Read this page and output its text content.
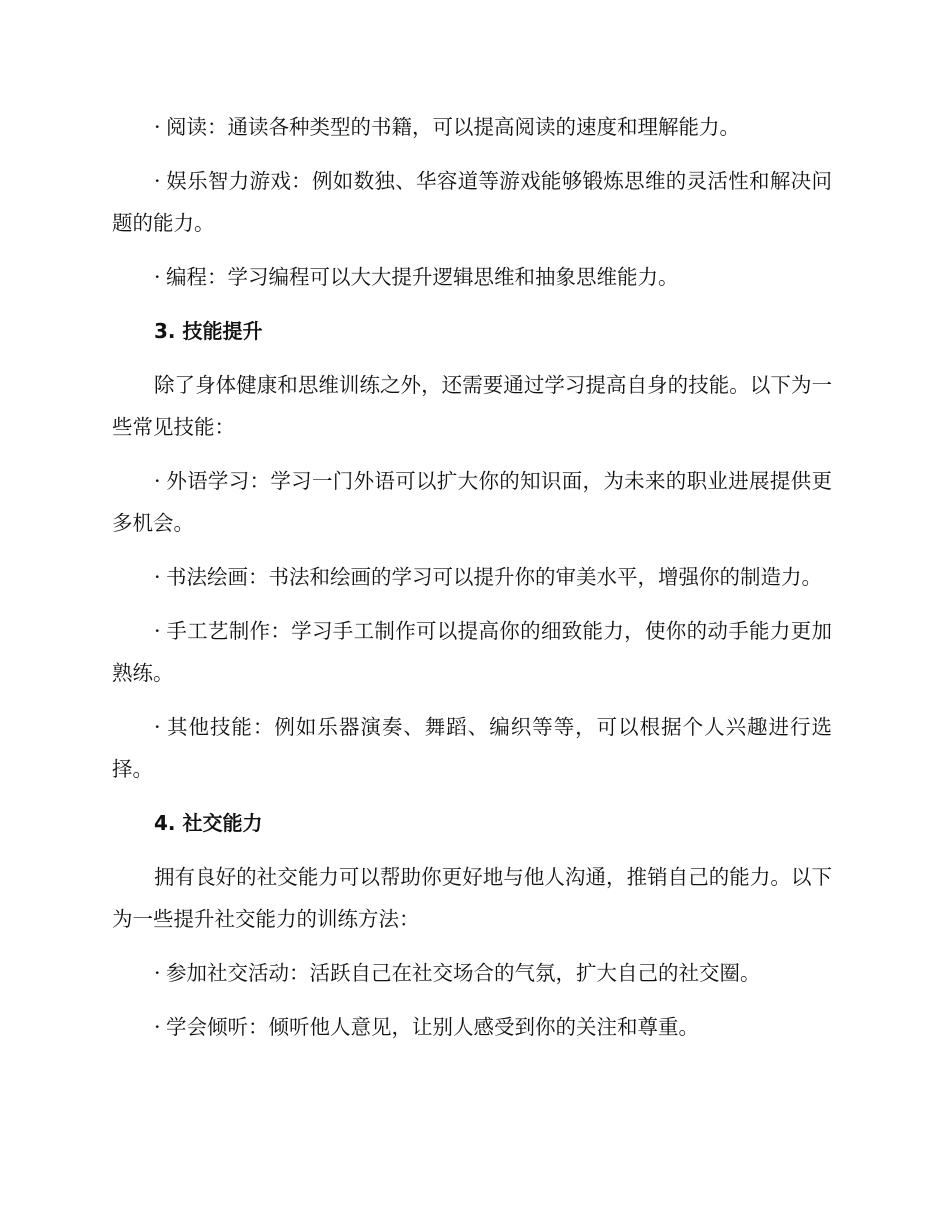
· 阅读：通读各种类型的书籍，可以提高阅读的速度和理解能力。

· 娱乐智力游戏：例如数独、华容道等游戏能够锻炼思维的灵活性和解决问题的能力。

· 编程：学习编程可以大大提升逻辑思维和抽象思维能力。

3. 技能提升

除了身体健康和思维训练之外，还需要通过学习提高自身的技能。以下为一些常见技能：

· 外语学习：学习一门外语可以扩大你的知识面，为未来的职业进展提供更多机会。

· 书法绘画：书法和绘画的学习可以提升你的审美水平，增强你的制造力。

· 手工艺制作：学习手工制作可以提高你的细致能力，使你的动手能力更加熟练。

· 其他技能：例如乐器演奏、舞蹈、编织等等，可以根据个人兴趣进行选择。

4. 社交能力

拥有良好的社交能力可以帮助你更好地与他人沟通，推销自己的能力。以下为一些提升社交能力的训练方法：

· 参加社交活动：活跃自己在社交场合的气氛，扩大自己的社交圈。

· 学会倾听：倾听他人意见，让别人感受到你的关注和尊重。
